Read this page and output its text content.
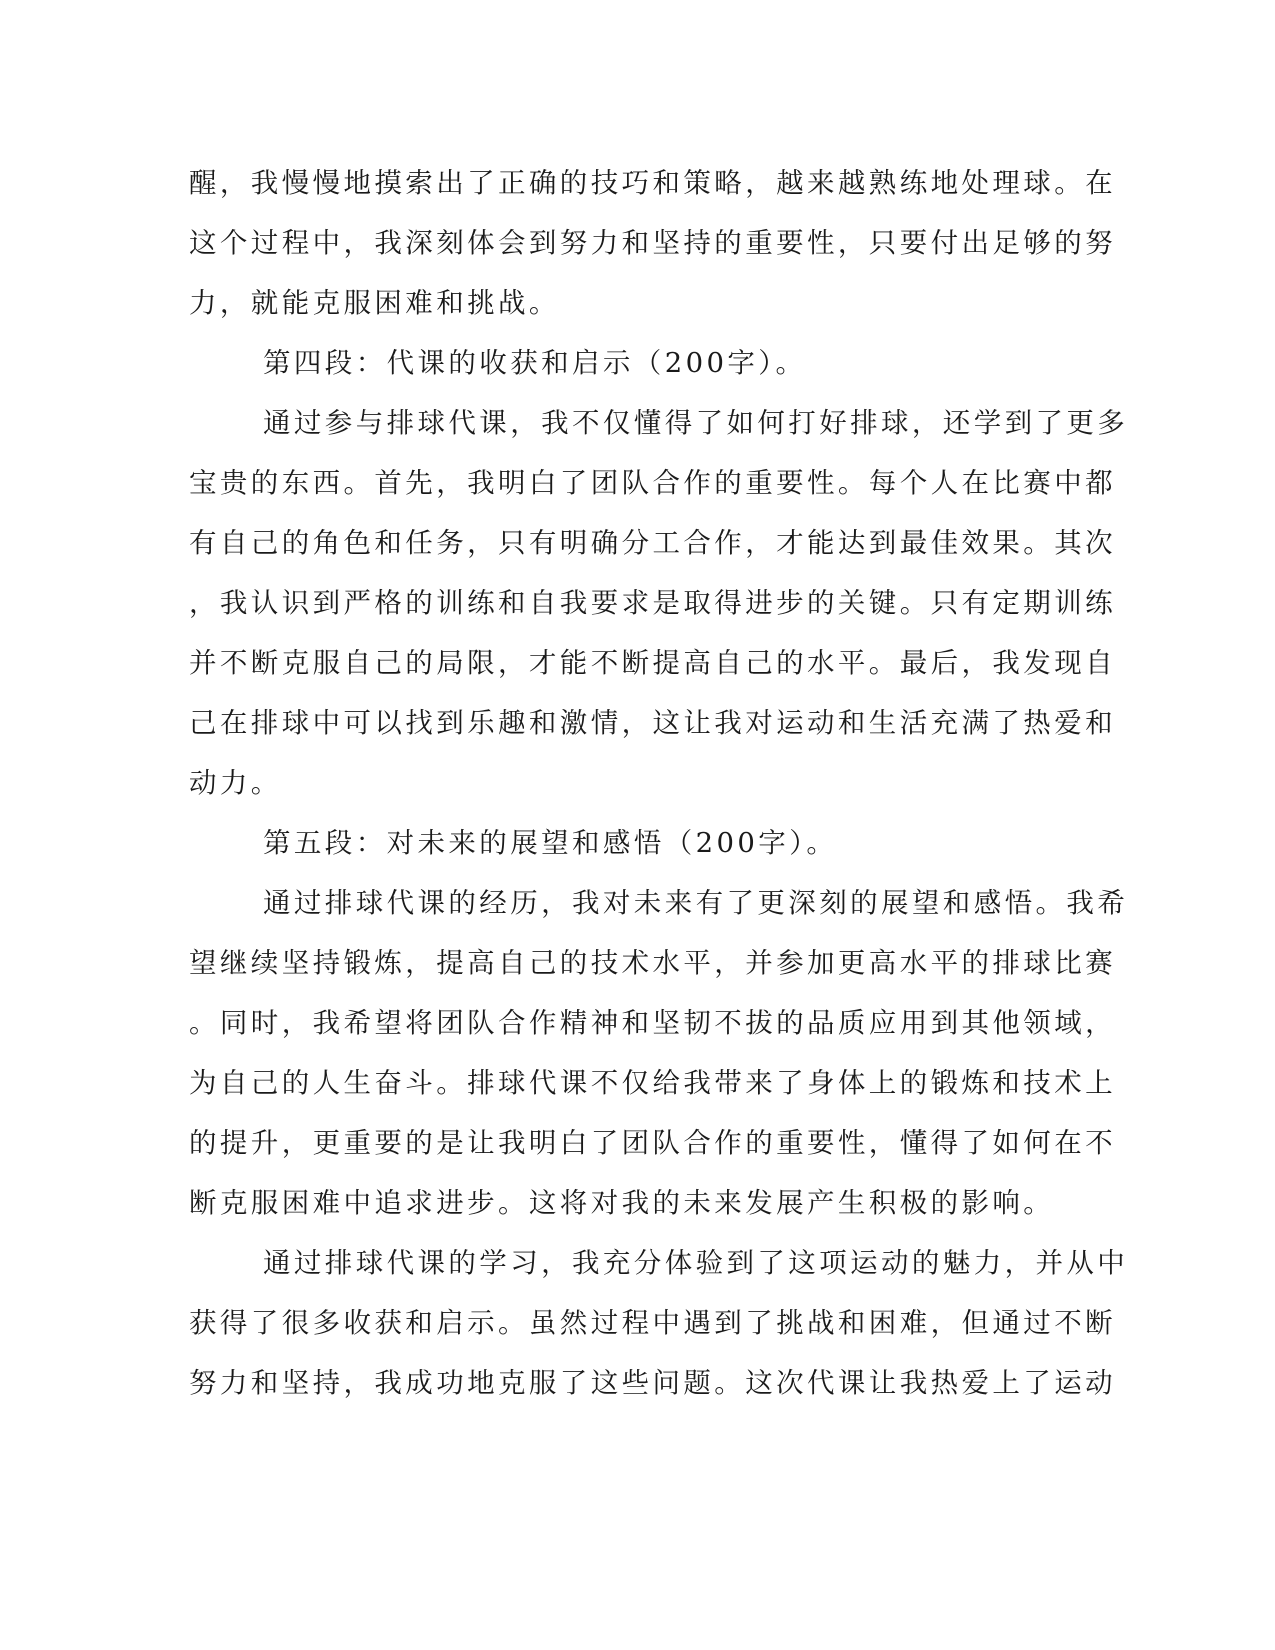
醒，我慢慢地摸索出了正确的技巧和策略，越来越熟练地处理球。在
这个过程中，我深刻体会到努力和坚持的重要性，只要付出足够的努
力，就能克服困难和挑战。
第四段：代课的收获和启示（200字）。
通过参与排球代课，我不仅懂得了如何打好排球，还学到了更多
宝贵的东西。首先，我明白了团队合作的重要性。每个人在比赛中都
有自己的角色和任务，只有明确分工合作，才能达到最佳效果。其次
，我认识到严格的训练和自我要求是取得进步的关键。只有定期训练
并不断克服自己的局限，才能不断提高自己的水平。最后，我发现自
己在排球中可以找到乐趣和激情，这让我对运动和生活充满了热爱和
动力。
第五段：对未来的展望和感悟（200字）。
通过排球代课的经历，我对未来有了更深刻的展望和感悟。我希
望继续坚持锻炼，提高自己的技术水平，并参加更高水平的排球比赛
。同时，我希望将团队合作精神和坚韧不拔的品质应用到其他领域，
为自己的人生奋斗。排球代课不仅给我带来了身体上的锻炼和技术上
的提升，更重要的是让我明白了团队合作的重要性，懂得了如何在不
断克服困难中追求进步。这将对我的未来发展产生积极的影响。
通过排球代课的学习，我充分体验到了这项运动的魅力，并从中
获得了很多收获和启示。虽然过程中遇到了挑战和困难，但通过不断
努力和坚持，我成功地克服了这些问题。这次代课让我热爱上了运动
